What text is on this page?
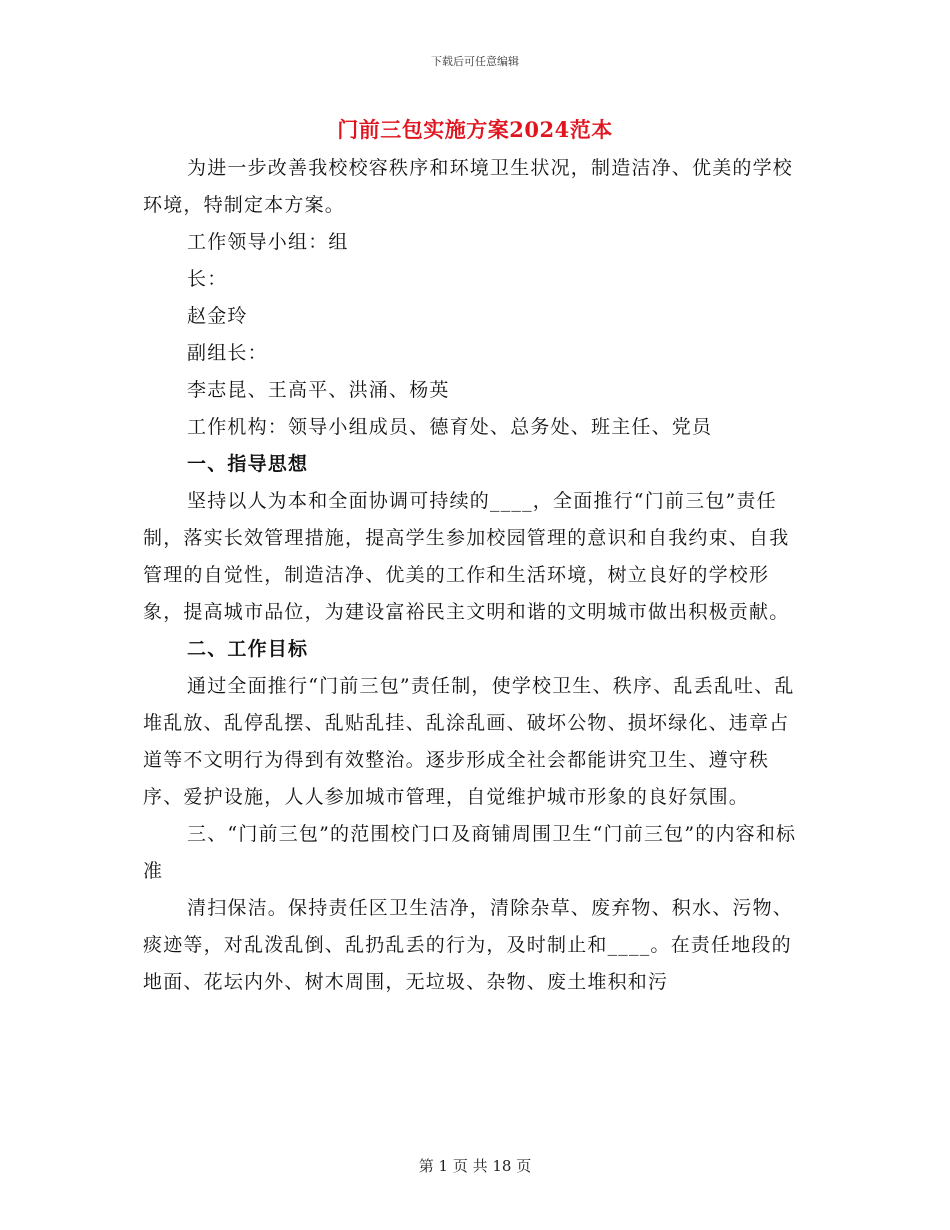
下载后可任意编辑
门前三包实施方案2024范本

为进一步改善我校校容秩序和环境卫生状况，制造洁净、优美的学校环境，特制定本方案。

工作领导小组：组

长：

赵金玲

副组长：

李志昆、王高平、洪涌、杨英

工作机构：领导小组成员、德育处、总务处、班主任、党员

一、指导思想

坚持以人为本和全面协调可持续的____，全面推行“门前三包”责任制，落实长效管理措施，提高学生参加校园管理的意识和自我约束、自我管理的自觉性，制造洁净、优美的工作和生活环境，树立良好的学校形象，提高城市品位，为建设富裕民主文明和谐的文明城市做出积极贡献。

二、工作目标

通过全面推行“门前三包”责任制，使学校卫生、秩序、乱丢乱吐、乱堆乱放、乱停乱摆、乱贴乱挂、乱涂乱画、破坏公物、损坏绿化、违章占道等不文明行为得到有效整治。逐步形成全社会都能讲究卫生、遵守秩序、爱护设施，人人参加城市管理，自觉维护城市形象的良好氛围。

三、“门前三包”的范围校门口及商铺周围卫生“门前三包”的内容和标准

清扫保洁。保持责任区卫生洁净，清除杂草、废弃物、积水、污物、痰迹等，对乱泼乱倒、乱扔乱丢的行为，及时制止和____。在责任地段的地面、花坛内外、树木周围，无垃圾、杂物、废土堆积和污

第 1 页 共 18 页
